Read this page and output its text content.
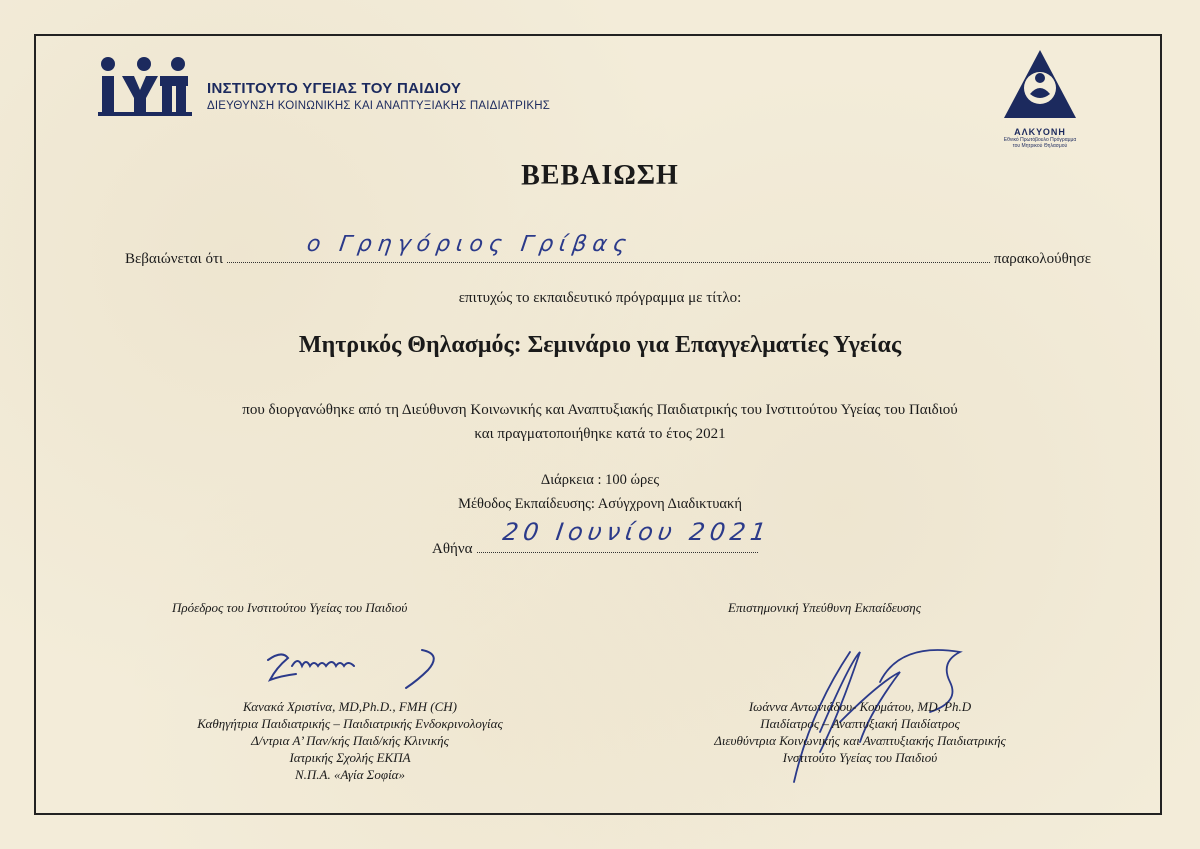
ΙΝΣΤΙΤΟΥΤΟ ΥΓΕΙΑΣ ΤΟΥ ΠΑΙΔΙΟΥ
ΔΙΕΥΘΥΝΣΗ ΚΟΙΝΩΝΙΚΗΣ ΚΑΙ ΑΝΑΠΤΥΞΙΑΚΗΣ ΠΑΙΔΙΑΤΡΙΚΗΣ
ΑΛΚΥΟΝΗ
Εθνικό Πρωτόβουλο Πρόγραμμα
του Μητρικού Θηλασμού
ΒΕΒΑΙΩΣΗ
Βεβαιώνεται ότι
ο Γρηγόριος Γρίβας
παρακολούθησε
επιτυχώς το εκπαιδευτικό πρόγραμμα με τίτλο:
Μητρικός Θηλασμός: Σεμινάριο για Επαγγελματίες Υγείας
που διοργανώθηκε από τη Διεύθυνση Κοινωνικής και Αναπτυξιακής Παιδιατρικής του Ινστιτούτου Υγείας του Παιδιού
και πραγματοποιήθηκε κατά το έτος 2021
Διάρκεια : 100 ώρες
Μέθοδος Εκπαίδευσης: Ασύγχρονη Διαδικτυακή
Αθήνα
20 Ιουνίου 2021
Πρόεδρος του Ινστιτούτου Υγείας του Παιδιού	Επιστημονική Υπεύθυνη Εκπαίδευσης
Κανακά Χριστίνα, MD,Ph.D., FMH (CH)
Καθηγήτρια Παιδιατρικής – Παιδιατρικής Ενδοκρινολογίας
Δ/ντρια Α’ Παν/κής Παιδ/κής Κλινικής
Ιατρικής Σχολής ΕΚΠΑ
Ν.Π.Α. «Αγία Σοφία»
Ιωάννα Αντωνιάδου- Κουμάτου, MD, Ph.D
Παιδίατρος – Αναπτυξιακή Παιδίατρος
Διευθύντρια Κοινωνικής και Αναπτυξιακής Παιδιατρικής
Ινστιτούτο Υγείας του Παιδιού
